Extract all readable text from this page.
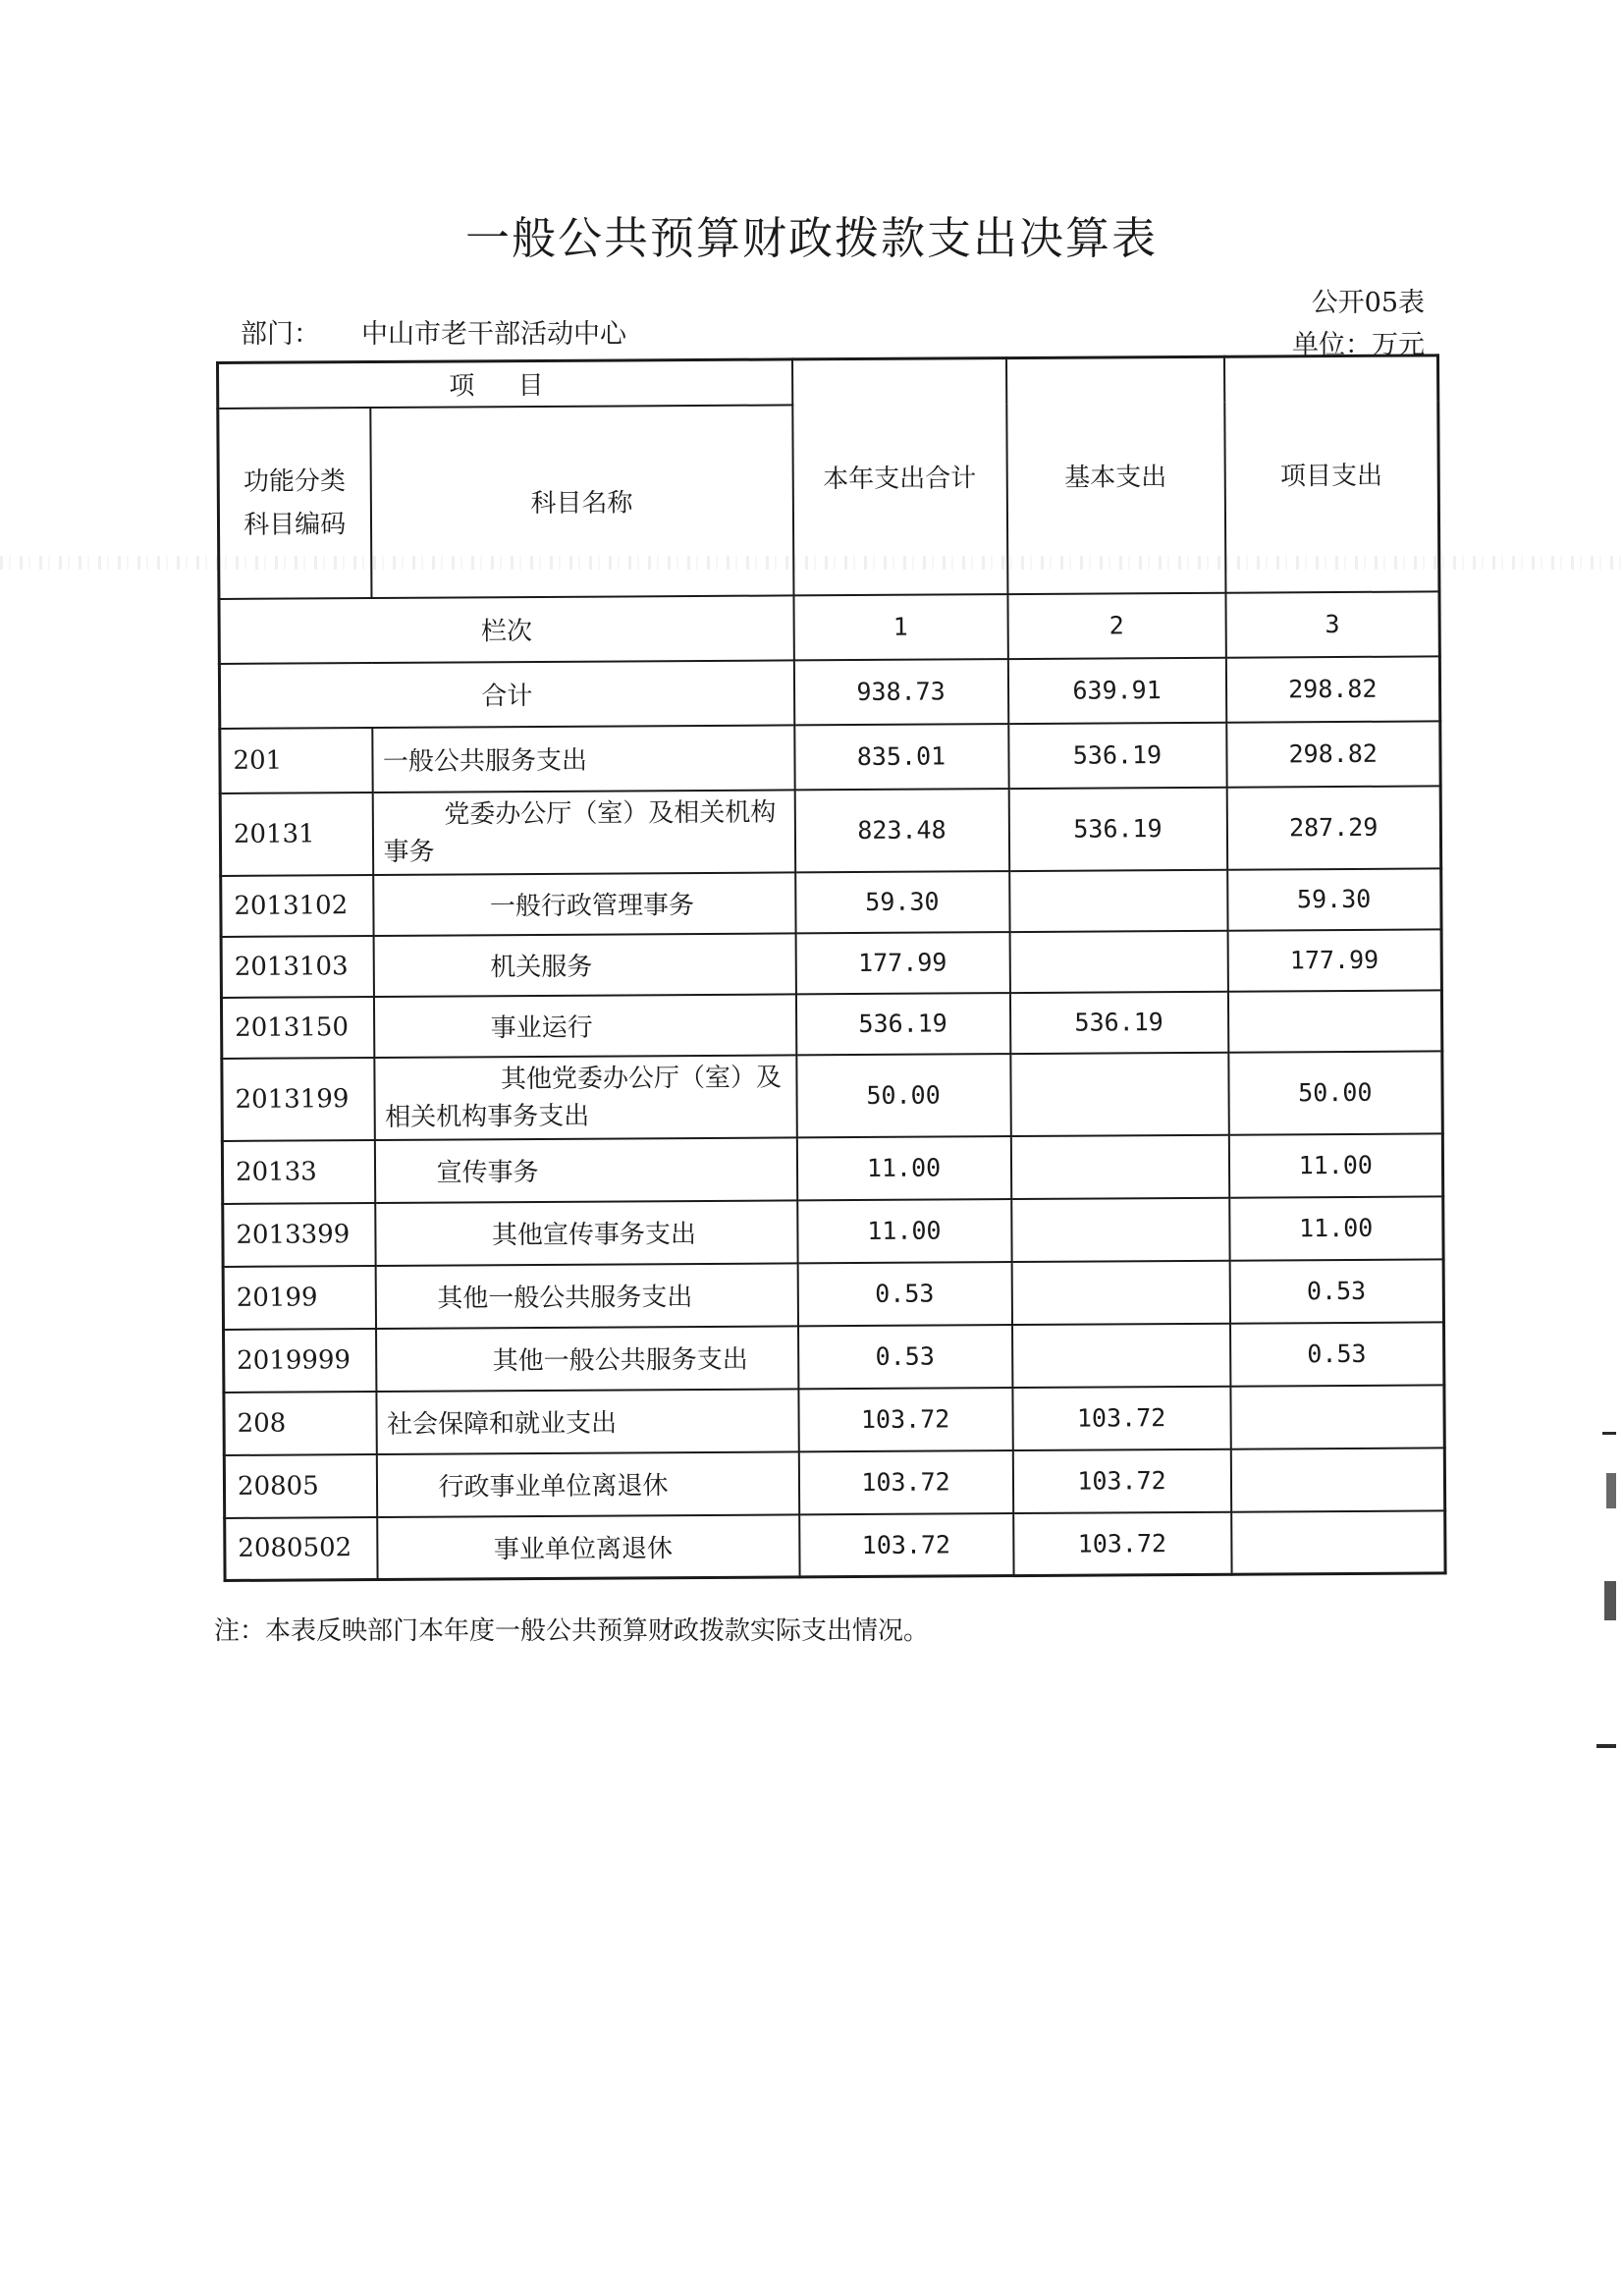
一般公共预算财政拨款支出决算表
公开05表
部门： 中山市老干部活动中心	单位：万元
项 目		本年支出合计	基本支出	项目支出
功能分类
科目编码	科目名称			
栏次		1	2	3
合计		938.73	639.91	298.82
201	一般公共服务支出	835.01	536.19	298.82
20131	党委办公厅（室）及相关机构
事务	823.48	536.19	287.29
2013102	一般行政管理事务	59.30		59.30
2013103	机关服务	177.99		177.99
2013150	事业运行	536.19	536.19	
2013199	其他党委办公厅（室）及
相关机构事务支出	50.00		50.00
20133	宣传事务	11.00		11.00
2013399	其他宣传事务支出	11.00		11.00
20199	其他一般公共服务支出	0.53		0.53
2019999	其他一般公共服务支出	0.53		0.53
208	社会保障和就业支出	103.72	103.72	
20805	行政事业单位离退休	103.72	103.72	
2080502	事业单位离退休	103.72	103.72	
注：本表反映部门本年度一般公共预算财政拨款实际支出情况。
